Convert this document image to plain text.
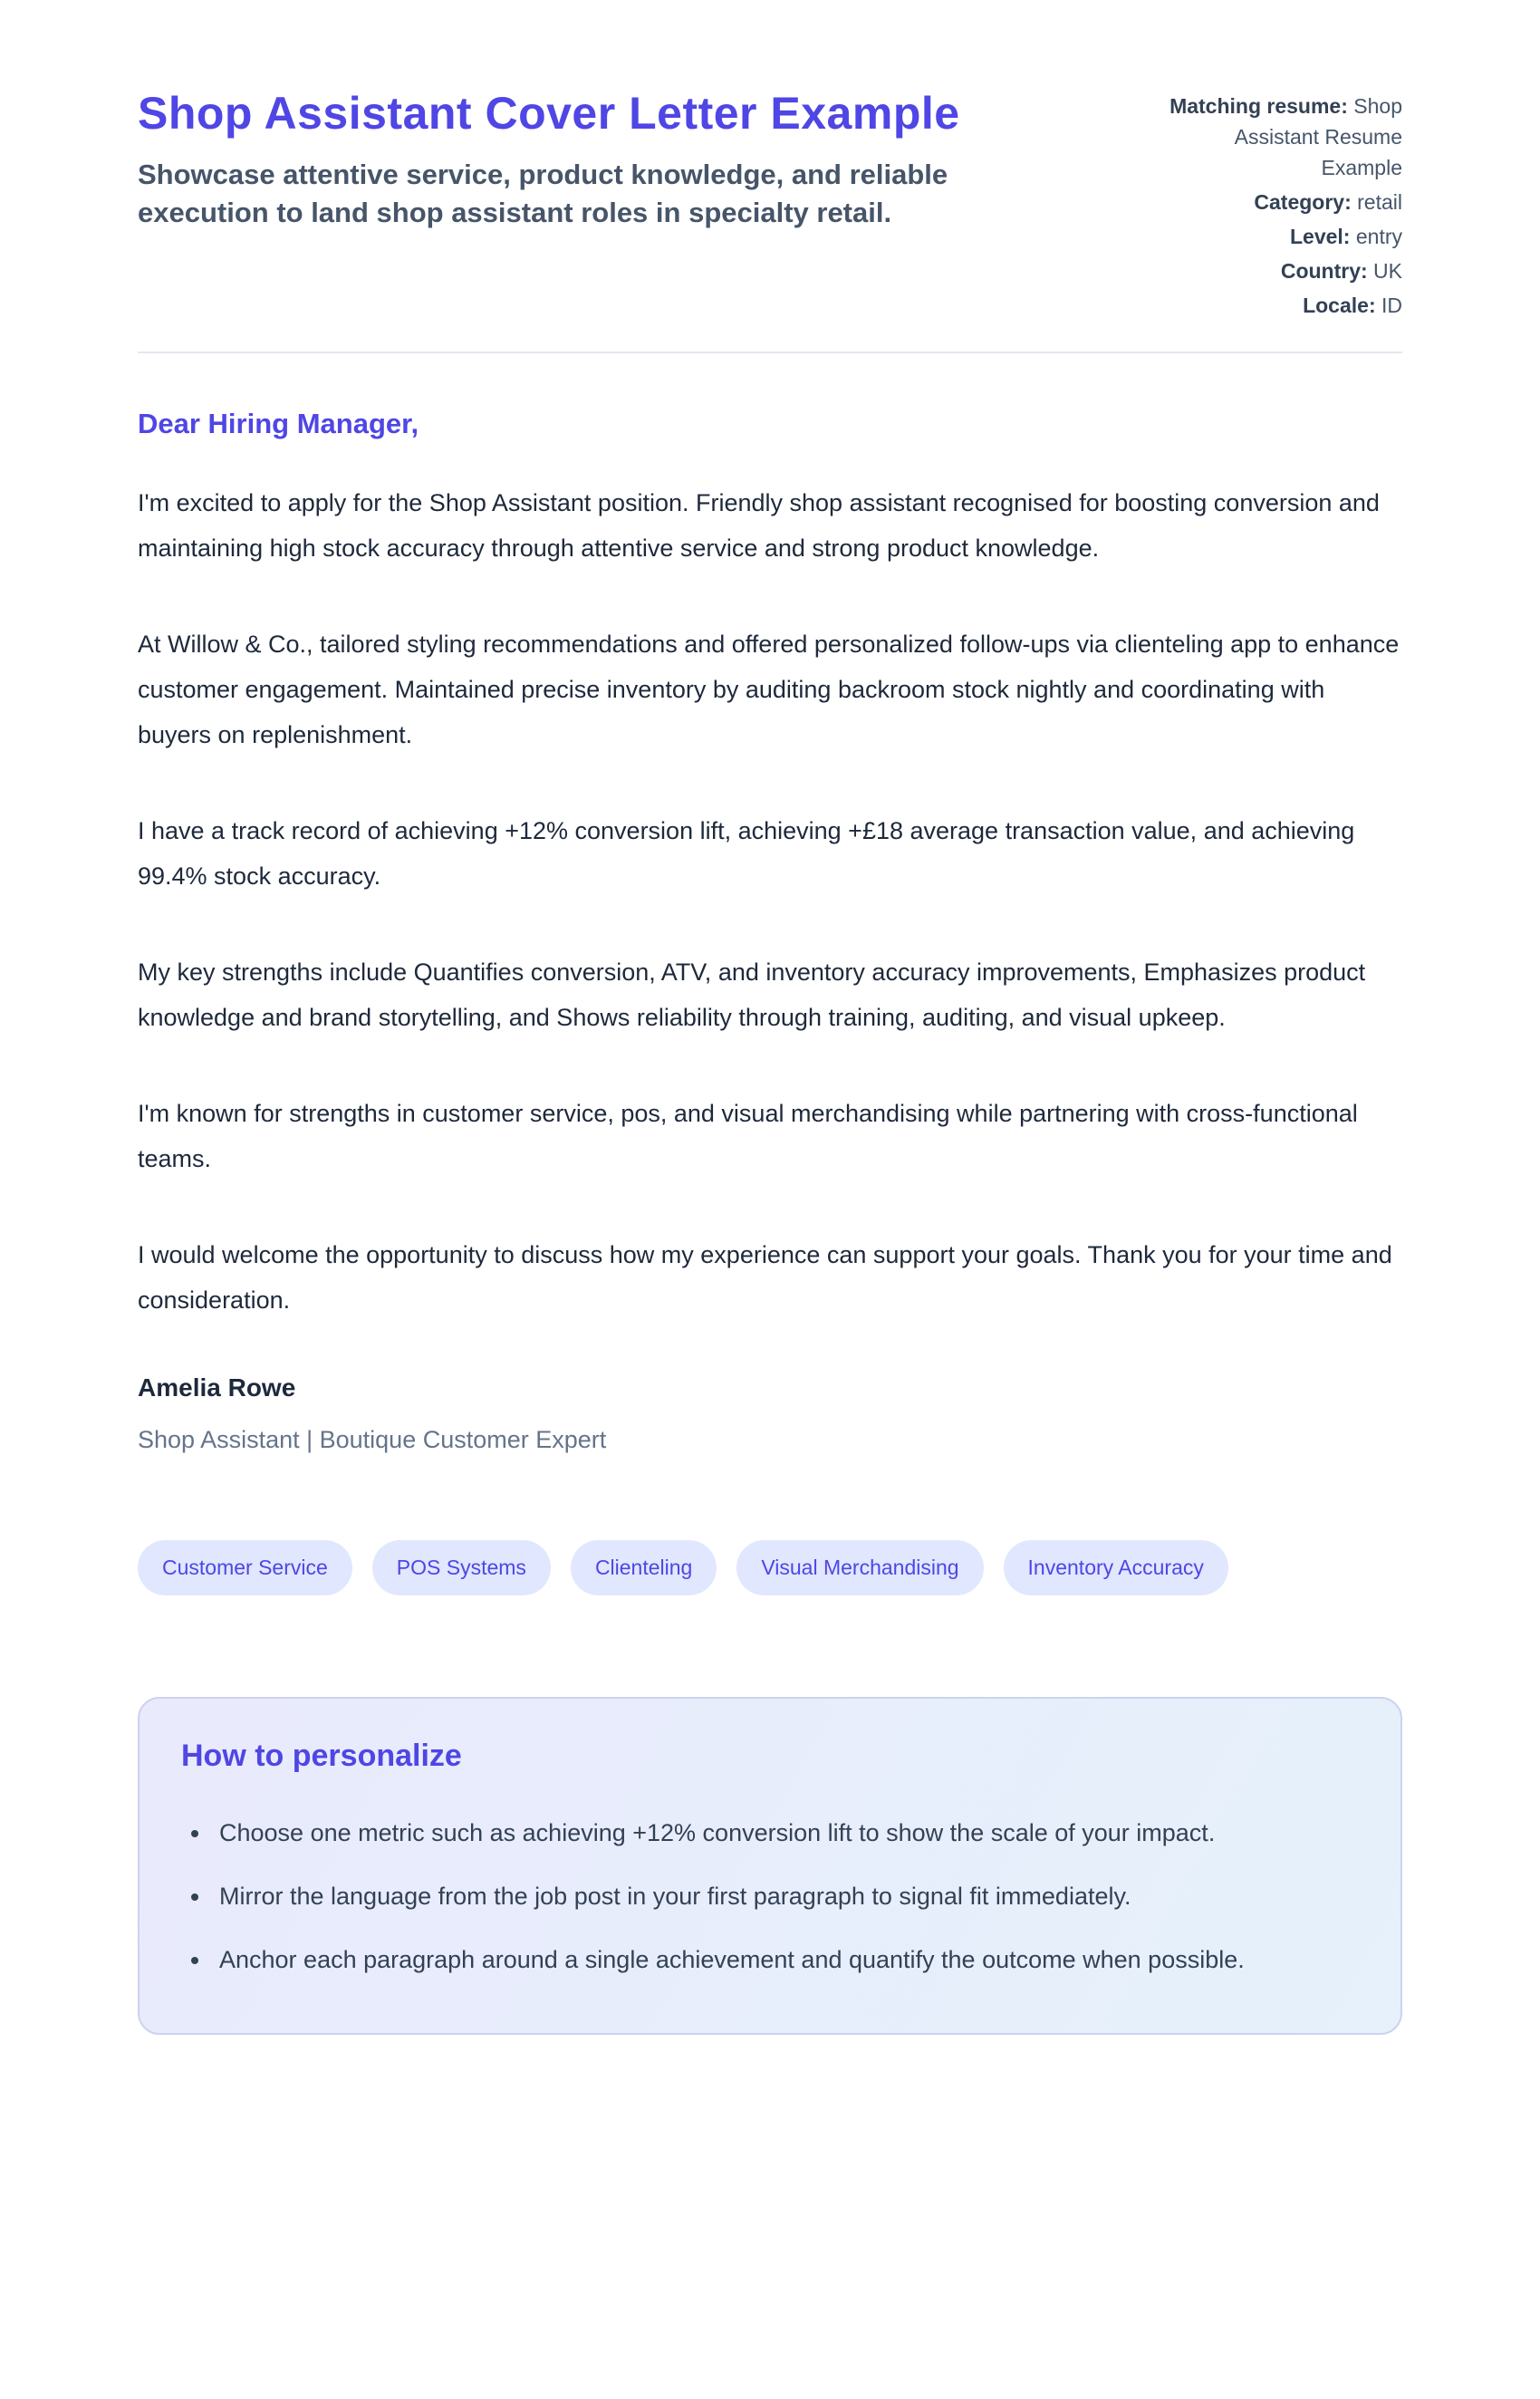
Shop Assistant Cover Letter Example
Showcase attentive service, product knowledge, and reliable execution to land shop assistant roles in specialty retail.
Matching resume: Shop Assistant Resume Example
Category: retail
Level: entry
Country: UK
Locale: ID
Dear Hiring Manager,

I'm excited to apply for the Shop Assistant position. Friendly shop assistant recognised for boosting conversion and maintaining high stock accuracy through attentive service and strong product knowledge.

At Willow & Co., tailored styling recommendations and offered personalized follow-ups via clienteling app to enhance customer engagement. Maintained precise inventory by auditing backroom stock nightly and coordinating with buyers on replenishment.

I have a track record of achieving +12% conversion lift, achieving +£18 average transaction value, and achieving 99.4% stock accuracy.

My key strengths include Quantifies conversion, ATV, and inventory accuracy improvements, Emphasizes product knowledge and brand storytelling, and Shows reliability through training, auditing, and visual upkeep.

I'm known for strengths in customer service, pos, and visual merchandising while partnering with cross-functional teams.

I would welcome the opportunity to discuss how my experience can support your goals. Thank you for your time and consideration.

Amelia Rowe
Shop Assistant | Boutique Customer Expert
Customer Service	POS Systems	Clienteling	Visual Merchandising	Inventory Accuracy
How to personalize
• Choose one metric such as achieving +12% conversion lift to show the scale of your impact.
• Mirror the language from the job post in your first paragraph to signal fit immediately.
• Anchor each paragraph around a single achievement and quantify the outcome when possible.
